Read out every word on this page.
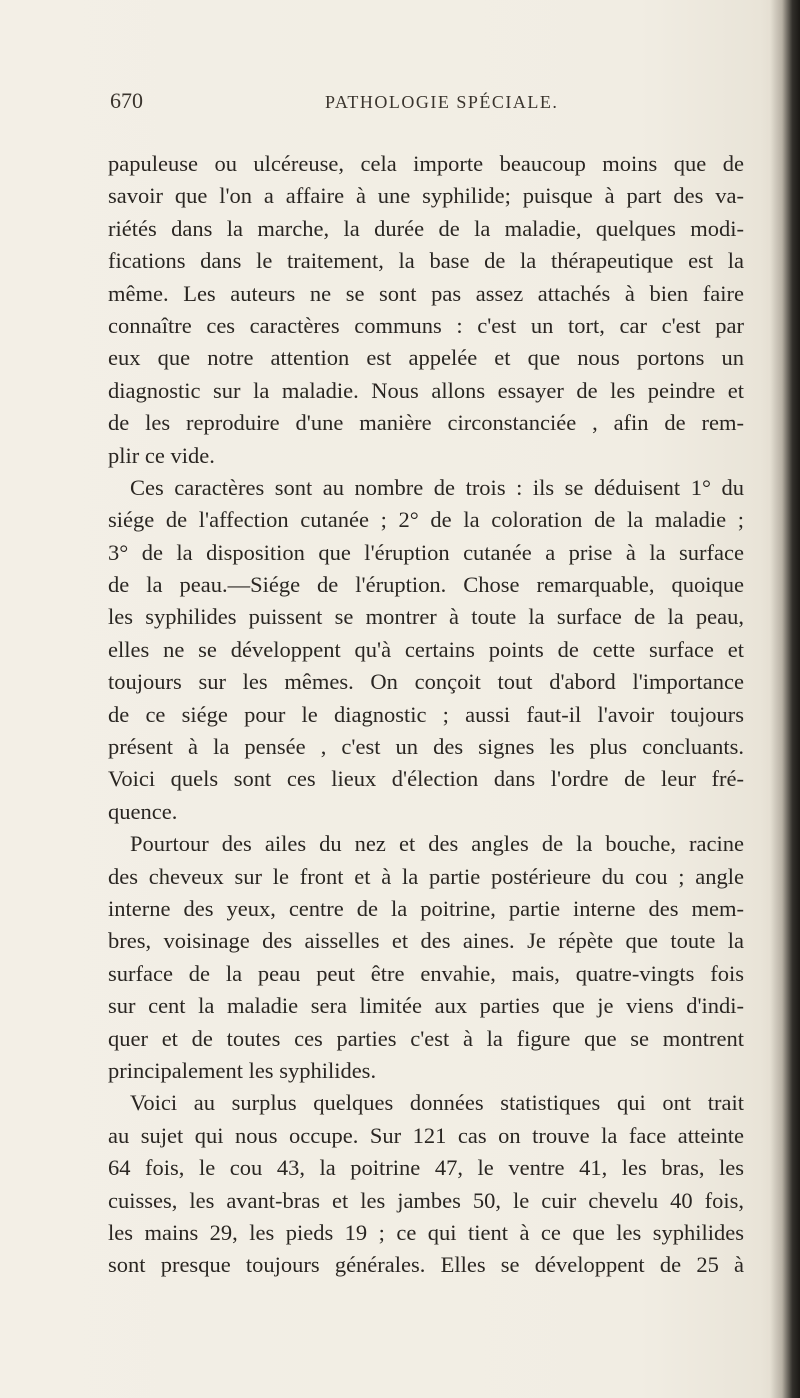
670	PATHOLOGIE SPÉCIALE.
papuleuse ou ulcéreuse, cela importe beaucoup moins que de
savoir que l'on a affaire à une syphilide; puisque à part des va-
riétés dans la marche, la durée de la maladie, quelques modi-
fications dans le traitement, la base de la thérapeutique est la
même. Les auteurs ne se sont pas assez attachés à bien faire
connaître ces caractères communs : c'est un tort, car c'est par
eux que notre attention est appelée et que nous portons un
diagnostic sur la maladie. Nous allons essayer de les peindre et
de les reproduire d'une manière circonstanciée , afin de rem-
plir ce vide.
Ces caractères sont au nombre de trois : ils se déduisent 1° du
siége de l'affection cutanée ; 2° de la coloration de la maladie ;
3° de la disposition que l'éruption cutanée a prise à la surface
de la peau.—Siége de l'éruption. Chose remarquable, quoique
les syphilides puissent se montrer à toute la surface de la peau,
elles ne se développent qu'à certains points de cette surface et
toujours sur les mêmes. On conçoit tout d'abord l'importance
de ce siége pour le diagnostic ; aussi faut-il l'avoir toujours
présent à la pensée , c'est un des signes les plus concluants.
Voici quels sont ces lieux d'élection dans l'ordre de leur fré-
quence.
Pourtour des ailes du nez et des angles de la bouche, racine
des cheveux sur le front et à la partie postérieure du cou ; angle
interne des yeux, centre de la poitrine, partie interne des mem-
bres, voisinage des aisselles et des aines. Je répète que toute la
surface de la peau peut être envahie, mais, quatre-vingts fois
sur cent la maladie sera limitée aux parties que je viens d'indi-
quer et de toutes ces parties c'est à la figure que se montrent
principalement les syphilides.
Voici au surplus quelques données statistiques qui ont trait
au sujet qui nous occupe. Sur 121 cas on trouve la face atteinte
64 fois, le cou 43, la poitrine 47, le ventre 41, les bras, les
cuisses, les avant-bras et les jambes 50, le cuir chevelu 40 fois,
les mains 29, les pieds 19 ; ce qui tient à ce que les syphilides
sont presque toujours générales. Elles se développent de 25 à
